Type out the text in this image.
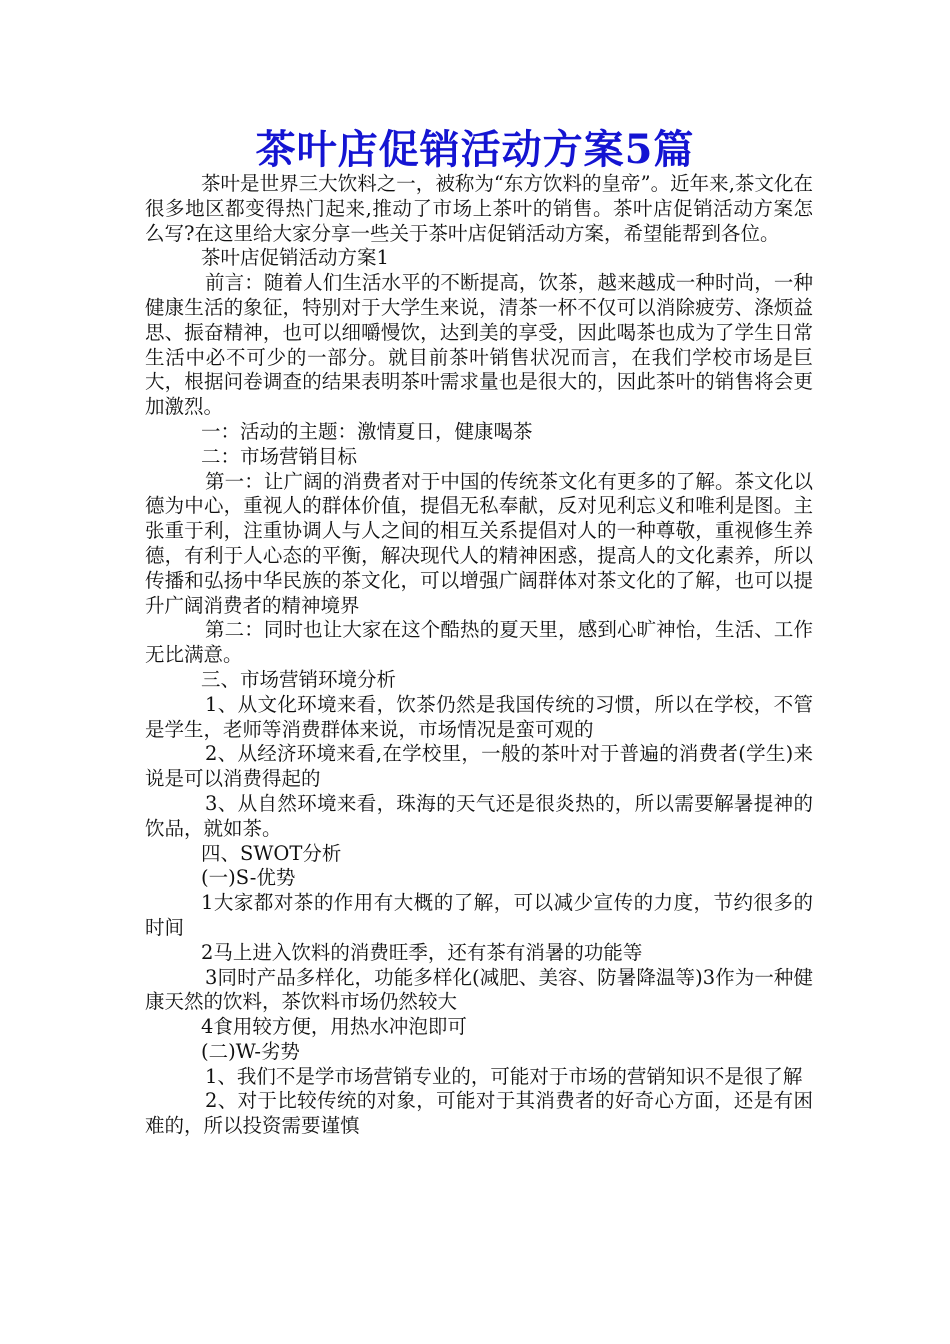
茶叶店促销活动方案5篇

茶叶是世界三大饮料之一，被称为“东方饮料的皇帝”。近年来,茶文化在很多地区都变得热门起来,推动了市场上茶叶的销售。茶叶店促销活动方案怎么写?在这里给大家分享一些关于茶叶店促销活动方案，希望能帮到各位。

茶叶店促销活动方案1

前言：随着人们生活水平的不断提高，饮茶，越来越成一种时尚，一种健康生活的象征，特别对于大学生来说，清茶一杯不仅可以消除疲劳、涤烦益思、振奋精神，也可以细嚼慢饮，达到美的享受，因此喝茶也成为了学生日常生活中必不可少的一部分。就目前茶叶销售状况而言，在我们学校市场是巨大，根据问卷调查的结果表明茶叶需求量也是很大的，因此茶叶的销售将会更加激烈。

一：活动的主题：激情夏日，健康喝茶

二：市场营销目标

第一：让广阔的消费者对于中国的传统茶文化有更多的了解。茶文化以德为中心，重视人的群体价值，提倡无私奉献，反对见利忘义和唯利是图。主张重于利，注重协调人与人之间的相互关系提倡对人的一种尊敬，重视修生养德，有利于人心态的平衡，解决现代人的精神困惑，提高人的文化素养，所以传播和弘扬中华民族的茶文化，可以增强广阔群体对茶文化的了解，也可以提升广阔消费者的精神境界

第二：同时也让大家在这个酷热的夏天里，感到心旷神怡，生活、工作无比满意。

三、市场营销环境分析

1、从文化环境来看，饮茶仍然是我国传统的习惯，所以在学校，不管是学生，老师等消费群体来说，市场情况是蛮可观的

2、从经济环境来看,在学校里，一般的茶叶对于普遍的消费者(学生)来说是可以消费得起的

3、从自然环境来看，珠海的天气还是很炎热的，所以需要解暑提神的饮品，就如茶。

四、SWOT分析

(一)S-优势

1大家都对茶的作用有大概的了解，可以减少宣传的力度，节约很多的时间

2马上进入饮料的消费旺季，还有茶有消暑的功能等

3同时产品多样化，功能多样化(减肥、美容、防暑降温等)3作为一种健康天然的饮料，茶饮料市场仍然较大

4食用较方便，用热水冲泡即可

(二)W-劣势

1、我们不是学市场营销专业的，可能对于市场的营销知识不是很了解

2、对于比较传统的对象，可能对于其消费者的好奇心方面，还是有困难的，所以投资需要谨慎
